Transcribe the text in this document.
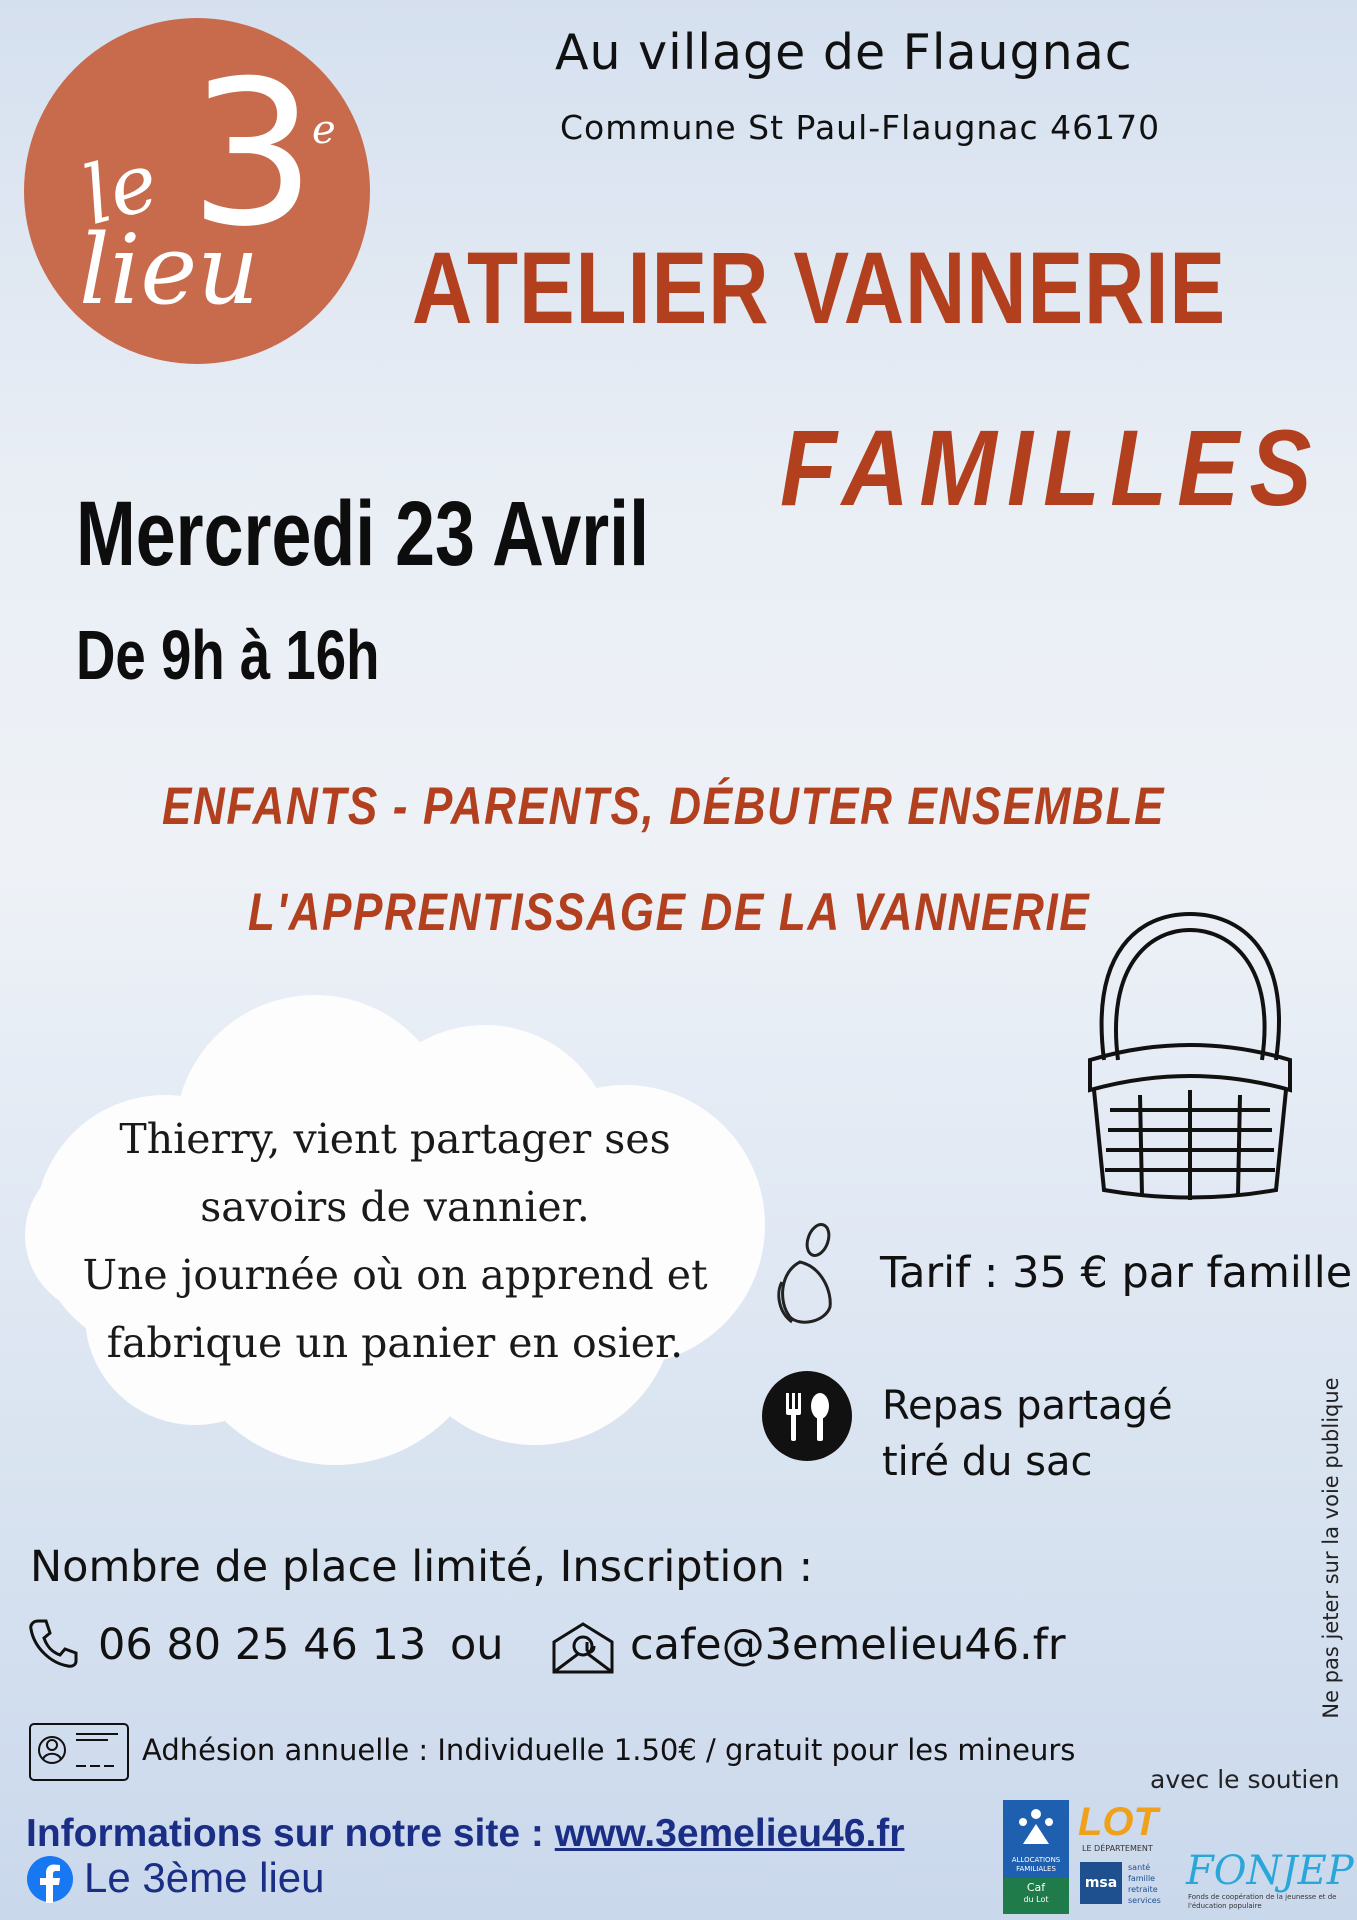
le 3
e
lieu
Au village de Flaugnac
Commune St Paul-Flaugnac 46170
ATELIER VANNERIE
FAMILLES
Mercredi 23 Avril
De 9h à 16h
ENFANTS - PARENTS, DÉBUTER ENSEMBLE
L'APPRENTISSAGE DE LA VANNERIE
Thierry, vient partager ses
savoirs de vannier.
Une journée où on apprend et
fabrique un panier en osier.
Tarif : 35 € par famille
Repas partagé
tiré du sac	Ne pas jeter sur la voie publique
Nombre de place limité, Inscription :
06 80 25 46 13 ou	cafe@3emelieu46.fr
Adhésion annuelle : Individuelle 1.50€ / gratuit pour les mineurs
avec le soutien
Informations sur notre site : www.3emelieu46.fr
Le 3ème lieu	ALLOCATIONS
FAMILIALES
Caf
du Lot
LOT
LE DÉPARTEMENT
msa
santé
famille
retraite
services
FONJEP
Fonds de coopération de la jeunesse et de l'éducation populaire
